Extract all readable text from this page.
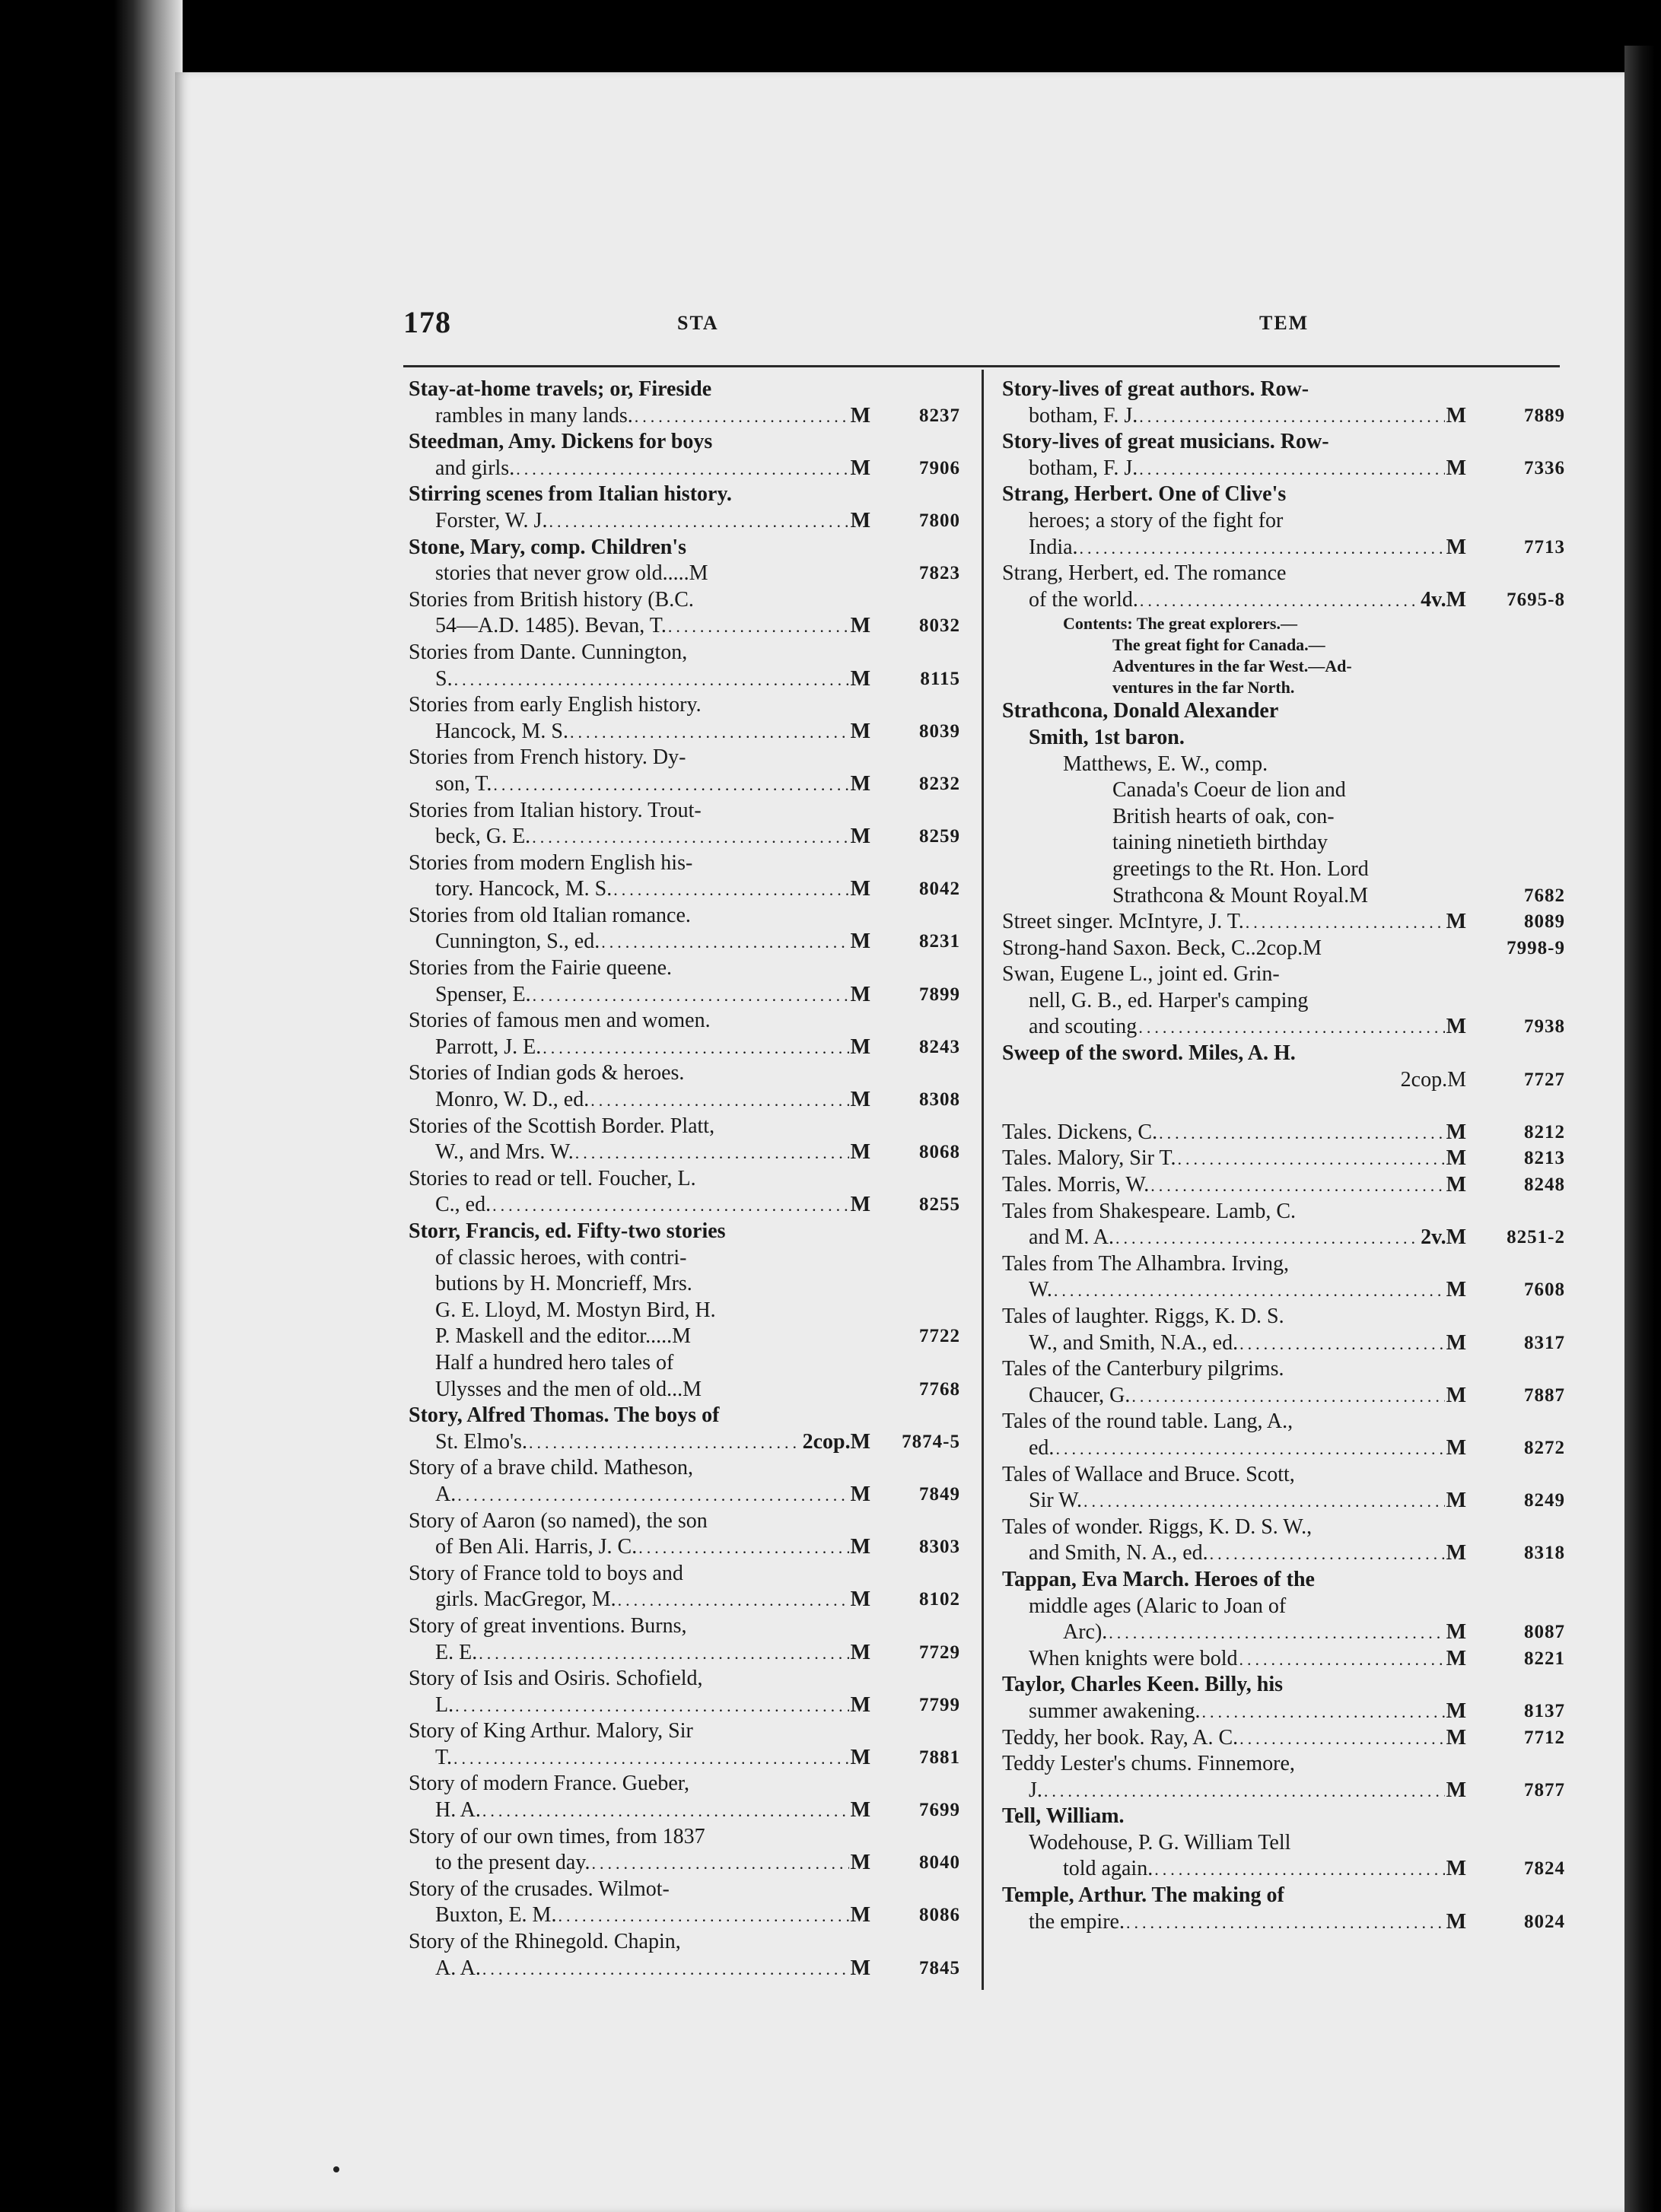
178	STA	TEM
Stay-at-home travels; or, Fireside
rambles in many lands. .....	M	8237
Steedman, Amy. Dickens for boys
and girls. .....	M	7906
Stirring scenes from Italian history.
Forster, W. J. .....	M	7800
Stone, Mary, comp. Children's
stories that never grow old.....M	7823
Stories from British history (B.C.
54—A.D. 1485). Bevan, T. .....	M	8032
Stories from Dante. Cunnington,
S. .....	M	8115
Stories from early English history.
Hancock, M. S. .....	M	8039
Stories from French history. Dy-
son, T. .....	M	8232
Stories from Italian history. Trout-
beck, G. E. .....	M	8259
Stories from modern English his-
tory. Hancock, M. S. .....	M	8042
Stories from old Italian romance.
Cunnington, S., ed. .....	M	8231
Stories from the Fairie queene.
Spenser, E. .....	M	7899
Stories of famous men and women.
Parrott, J. E. .....	M	8243
Stories of Indian gods & heroes.
Monro, W. D., ed. .....	M	8308
Stories of the Scottish Border. Platt,
W., and Mrs. W. .....	M	8068
Stories to read or tell. Foucher, L.
C., ed. .....	M	8255
Storr, Francis, ed. Fifty-two stories
of classic heroes, with contri-
butions by H. Moncrieff, Mrs.
G. E. Lloyd, M. Mostyn Bird, H.
P. Maskell and the editor.....M	7722
Half a hundred hero tales of
Ulysses and the men of old...M	7768
Story, Alfred Thomas. The boys of
St. Elmo's. .....	2cop.M 7874-5
Story of a brave child. Matheson,
A. .....	M	7849
Story of Aaron (so named), the son
of Ben Ali. Harris, J. C. .....	M	8303
Story of France told to boys and
girls. MacGregor, M. .....	M	8102
Story of great inventions. Burns,
E. E. .....	M	7729
Story of Isis and Osiris. Schofield,
L. .....	M	7799
Story of King Arthur. Malory, Sir
T. .....	M	7881
Story of modern France. Gueber,
H. A. .....	M	7699
Story of our own times, from 1837
to the present day. .....	M	8040
Story of the crusades. Wilmot-
Buxton, E. M. .....	M	8086
Story of the Rhinegold. Chapin,
A. A. .....	M	7845
Story-lives of great authors. Row-
botham, F. J. .....	M	7889
Story-lives of great musicians. Row-
botham, F. J. .....	M	7336
Strang, Herbert. One of Clive's
heroes; a story of the fight for
India. .....	M	7713
Strang, Herbert, ed. The romance
of the world. .....	4v.M 7695-8
Contents: The great explorers.—
The great fight for Canada.—
Adventures in the far West.—Ad-
ventures in the far North.
Strathcona, Donald Alexander
Smith, 1st baron.
Matthews, E. W., comp.
Canada's Coeur de lion and
British hearts of oak, con-
taining ninetieth birthday
greetings to the Rt. Hon. Lord
Strathcona & Mount Royal.M	7682
Street singer. McIntyre, J. T. .....	M	8089
Strong-hand Saxon. Beck, C..2cop.M	7998-9
Swan, Eugene L., joint ed. Grin-
nell, G. B., ed. Harper's camping
and scouting .....	M	7938
Sweep of the sword. Miles, A. H.
2cop.M	7727
Tales. Dickens, C. .....	M	8212
Tales. Malory, Sir T. .....	M	8213
Tales. Morris, W. .....	M	8248
Tales from Shakespeare. Lamb, C.
and M. A. .....	2v.M 8251-2
Tales from The Alhambra. Irving,
W. .....	M	7608
Tales of laughter. Riggs, K. D. S.
W., and Smith, N.A., ed. .....	M	8317
Tales of the Canterbury pilgrims.
Chaucer, G. .....	M	7887
Tales of the round table. Lang, A.,
ed. .....	M	8272
Tales of Wallace and Bruce. Scott,
Sir W. .....	M	8249
Tales of wonder. Riggs, K. D. S. W.,
and Smith, N. A., ed. .....	M	8318
Tappan, Eva March. Heroes of the
middle ages (Alaric to Joan of
Arc). .....	M	8087
When knights were bold .....	M	8221
Taylor, Charles Keen. Billy, his
summer awakening. .....	M	8137
Teddy, her book. Ray, A. C. .....	M	7712
Teddy Lester's chums. Finnemore,
J. .....	M	7877
Tell, William.
Wodehouse, P. G. William Tell
told again. .....	M	7824
Temple, Arthur. The making of
the empire. .....	M	8024
